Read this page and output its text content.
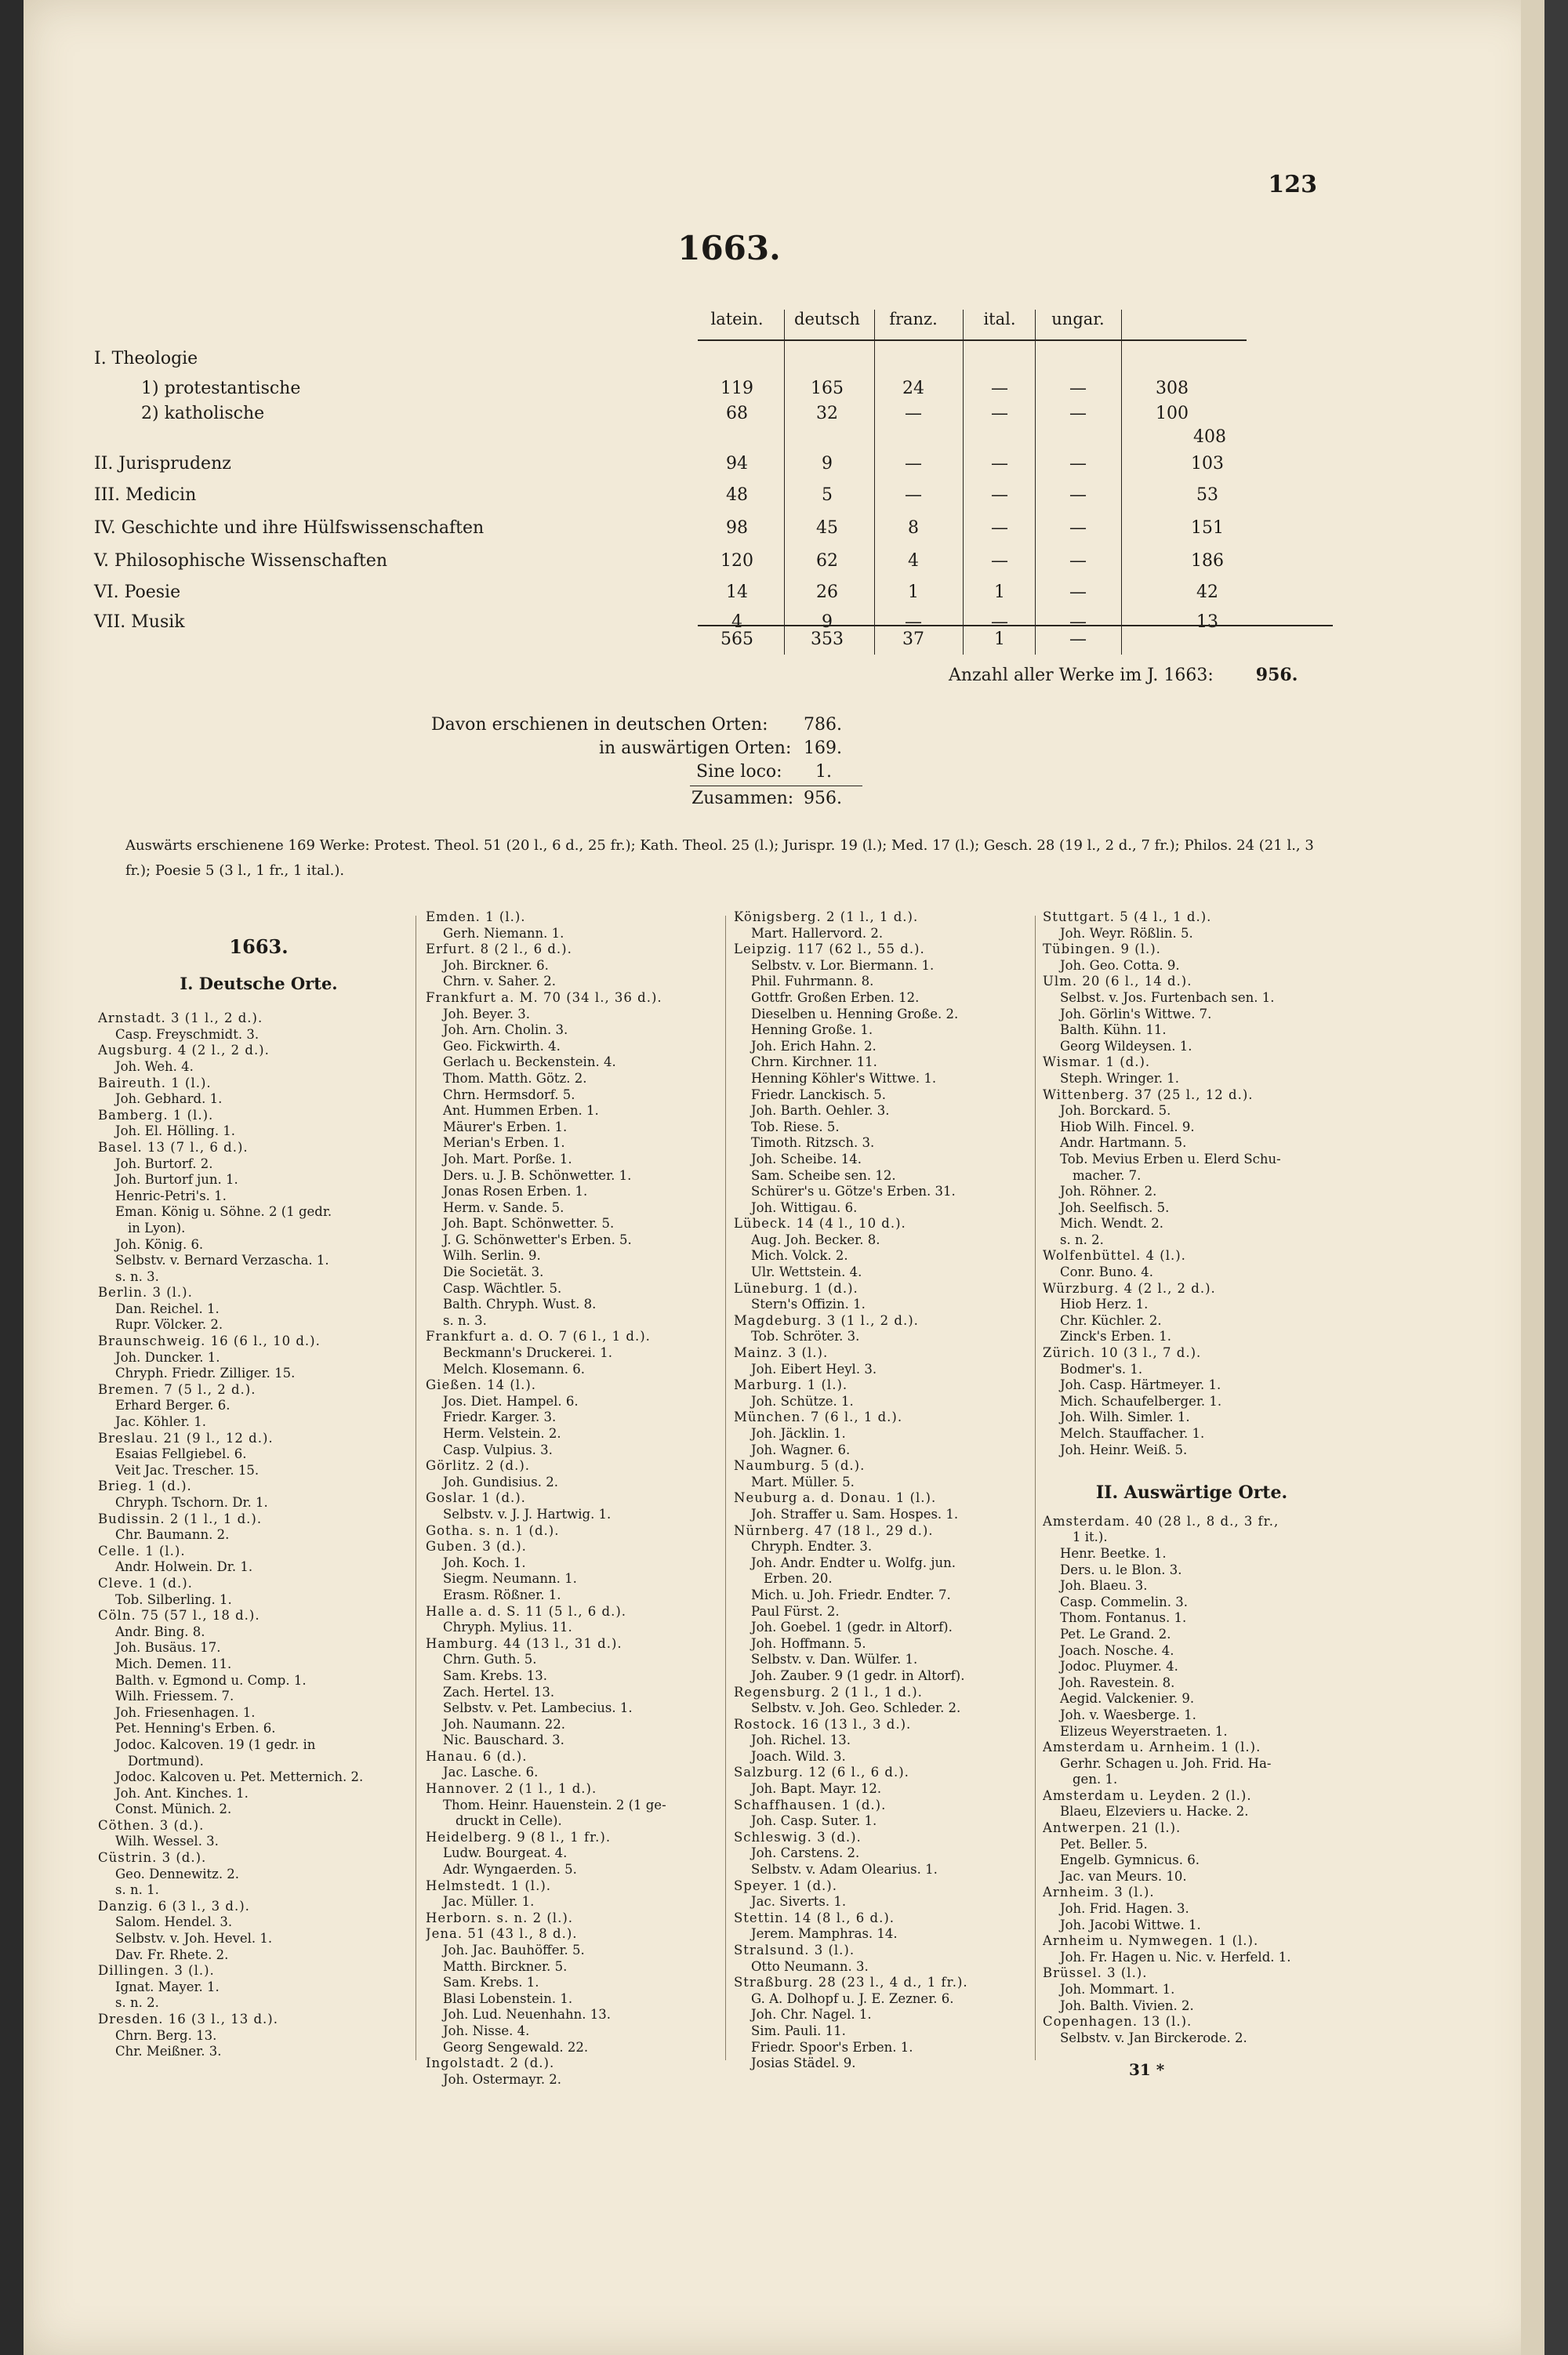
123
1663.
latein.	deutsch	franz.	ital.	ungar.
I. Theologie
1) protestantische	119	165	24	—	—	308
2) katholische	68	32	—	—	—	100
408
II. Jurisprudenz	94	9	—	—	—	103
III. Medicin	48	5	—	—	—	53
IV. Geschichte und ihre Hülfswissenschaften	98	45	8	—	—	151
V. Philosophische Wissenschaften	120	62	4	—	—	186
VI. Poesie	14	26	1	1	—	42
VII. Musik	4	9	—	—	—	13
565	353	37	1	—
Anzahl aller Werke im J. 1663: 956.
Davon erschienen in deutschen Orten: 786.
in auswärtigen Orten: 169.
Sine loco: 1.
Zusammen: 956.
Auswärts erschienene 169 Werke: Protest. Theol. 51 (20 l., 6 d., 25 fr.); Kath. Theol. 25 (l.); Jurispr. 19 (l.); Med. 17 (l.); Gesch. 28 (19 l., 2 d., 7 fr.); Philos. 24 (21 l., 3 fr.); Poesie 5 (3 l., 1 fr., 1 ital.).
1663.
I. Deutsche Orte.
Arnstadt. 3 (1 l., 2 d.).
Casp. Freyschmidt. 3.
Augsburg. 4 (2 l., 2 d.).
Joh. Weh. 4.
Baireuth. 1 (l.).
Joh. Gebhard. 1.
Bamberg. 1 (l.).
Joh. El. Hölling. 1.
Basel. 13 (7 l., 6 d.).
Joh. Burtorf. 2.
Joh. Burtorf jun. 1.
Henric-Petri's. 1.
Eman. König u. Söhne. 2 (1 gedr.
in Lyon).
Joh. König. 6.
Selbstv. v. Bernard Verzascha. 1.
s. n. 3.
Berlin. 3 (l.).
Dan. Reichel. 1.
Rupr. Völcker. 2.
Braunschweig. 16 (6 l., 10 d.).
Joh. Duncker. 1.
Chryph. Friedr. Zilliger. 15.
Bremen. 7 (5 l., 2 d.).
Erhard Berger. 6.
Jac. Köhler. 1.
Breslau. 21 (9 l., 12 d.).
Esaias Fellgiebel. 6.
Veit Jac. Trescher. 15.
Brieg. 1 (d.).
Chryph. Tschorn. Dr. 1.
Budissin. 2 (1 l., 1 d.).
Chr. Baumann. 2.
Celle. 1 (l.).
Andr. Holwein. Dr. 1.
Cleve. 1 (d.).
Tob. Silberling. 1.
Cöln. 75 (57 l., 18 d.).
Andr. Bing. 8.
Joh. Busäus. 17.
Mich. Demen. 11.
Balth. v. Egmond u. Comp. 1.
Wilh. Friessem. 7.
Joh. Friesenhagen. 1.
Pet. Henning's Erben. 6.
Jodoc. Kalcoven. 19 (1 gedr. in
Dortmund).
Jodoc. Kalcoven u. Pet. Metternich. 2.
Joh. Ant. Kinches. 1.
Const. Münich. 2.
Cöthen. 3 (d.).
Wilh. Wessel. 3.
Cüstrin. 3 (d.).
Geo. Dennewitz. 2.
s. n. 1.
Danzig. 6 (3 l., 3 d.).
Salom. Hendel. 3.
Selbstv. v. Joh. Hevel. 1.
Dav. Fr. Rhete. 2.
Dillingen. 3 (l.).
Ignat. Mayer. 1.
s. n. 2.
Dresden. 16 (3 l., 13 d.).
Chrn. Berg. 13.
Chr. Meißner. 3.
Emden. 1 (l.).
Gerh. Niemann. 1.
Erfurt. 8 (2 l., 6 d.).
Joh. Birckner. 6.
Chrn. v. Saher. 2.
Frankfurt a. M. 70 (34 l., 36 d.).
Joh. Beyer. 3.
Joh. Arn. Cholin. 3.
Geo. Fickwirth. 4.
Gerlach u. Beckenstein. 4.
Thom. Matth. Götz. 2.
Chrn. Hermsdorf. 5.
Ant. Hummen Erben. 1.
Mäurer's Erben. 1.
Merian's Erben. 1.
Joh. Mart. Porße. 1.
Ders. u. J. B. Schönwetter. 1.
Jonas Rosen Erben. 1.
Herm. v. Sande. 5.
Joh. Bapt. Schönwetter. 5.
J. G. Schönwetter's Erben. 5.
Wilh. Serlin. 9.
Die Societät. 3.
Casp. Wächtler. 5.
Balth. Chryph. Wust. 8.
s. n. 3.
Frankfurt a. d. O. 7 (6 l., 1 d.).
Beckmann's Druckerei. 1.
Melch. Klosemann. 6.
Gießen. 14 (l.).
Jos. Diet. Hampel. 6.
Friedr. Karger. 3.
Herm. Velstein. 2.
Casp. Vulpius. 3.
Görlitz. 2 (d.).
Joh. Gundisius. 2.
Goslar. 1 (d.).
Selbstv. v. J. J. Hartwig. 1.
Gotha. s. n. 1 (d.).
Guben. 3 (d.).
Joh. Koch. 1.
Siegm. Neumann. 1.
Erasm. Rößner. 1.
Halle a. d. S. 11 (5 l., 6 d.).
Chryph. Mylius. 11.
Hamburg. 44 (13 l., 31 d.).
Chrn. Guth. 5.
Sam. Krebs. 13.
Zach. Hertel. 13.
Selbstv. v. Pet. Lambecius. 1.
Joh. Naumann. 22.
Nic. Bauschard. 3.
Hanau. 6 (d.).
Jac. Lasche. 6.
Hannover. 2 (1 l., 1 d.).
Thom. Heinr. Hauenstein. 2 (1 ge-
druckt in Celle).
Heidelberg. 9 (8 l., 1 fr.).
Ludw. Bourgeat. 4.
Adr. Wyngaerden. 5.
Helmstedt. 1 (l.).
Jac. Müller. 1.
Herborn. s. n. 2 (l.).
Jena. 51 (43 l., 8 d.).
Joh. Jac. Bauhöffer. 5.
Matth. Birckner. 5.
Sam. Krebs. 1.
Blasi Lobenstein. 1.
Joh. Lud. Neuenhahn. 13.
Joh. Nisse. 4.
Georg Sengewald. 22.
Ingolstadt. 2 (d.).
Joh. Ostermayr. 2.
Königsberg. 2 (1 l., 1 d.).
Mart. Hallervord. 2.
Leipzig. 117 (62 l., 55 d.).
Selbstv. v. Lor. Biermann. 1.
Phil. Fuhrmann. 8.
Gottfr. Großen Erben. 12.
Dieselben u. Henning Große. 2.
Henning Große. 1.
Joh. Erich Hahn. 2.
Chrn. Kirchner. 11.
Henning Köhler's Wittwe. 1.
Friedr. Lanckisch. 5.
Joh. Barth. Oehler. 3.
Tob. Riese. 5.
Timoth. Ritzsch. 3.
Joh. Scheibe. 14.
Sam. Scheibe sen. 12.
Schürer's u. Götze's Erben. 31.
Joh. Wittigau. 6.
Lübeck. 14 (4 l., 10 d.).
Aug. Joh. Becker. 8.
Mich. Volck. 2.
Ulr. Wettstein. 4.
Lüneburg. 1 (d.).
Stern's Offizin. 1.
Magdeburg. 3 (1 l., 2 d.).
Tob. Schröter. 3.
Mainz. 3 (l.).
Joh. Eibert Heyl. 3.
Marburg. 1 (l.).
Joh. Schütze. 1.
München. 7 (6 l., 1 d.).
Joh. Jäcklin. 1.
Joh. Wagner. 6.
Naumburg. 5 (d.).
Mart. Müller. 5.
Neuburg a. d. Donau. 1 (l.).
Joh. Straffer u. Sam. Hospes. 1.
Nürnberg. 47 (18 l., 29 d.).
Chryph. Endter. 3.
Joh. Andr. Endter u. Wolfg. jun.
Erben. 20.
Mich. u. Joh. Friedr. Endter. 7.
Paul Fürst. 2.
Joh. Goebel. 1 (gedr. in Altorf).
Joh. Hoffmann. 5.
Selbstv. v. Dan. Wülfer. 1.
Joh. Zauber. 9 (1 gedr. in Altorf).
Regensburg. 2 (1 l., 1 d.).
Selbstv. v. Joh. Geo. Schleder. 2.
Rostock. 16 (13 l., 3 d.).
Joh. Richel. 13.
Joach. Wild. 3.
Salzburg. 12 (6 l., 6 d.).
Joh. Bapt. Mayr. 12.
Schaffhausen. 1 (d.).
Joh. Casp. Suter. 1.
Schleswig. 3 (d.).
Joh. Carstens. 2.
Selbstv. v. Adam Olearius. 1.
Speyer. 1 (d.).
Jac. Siverts. 1.
Stettin. 14 (8 l., 6 d.).
Jerem. Mamphras. 14.
Stralsund. 3 (l.).
Otto Neumann. 3.
Straßburg. 28 (23 l., 4 d., 1 fr.).
G. A. Dolhopf u. J. E. Zezner. 6.
Joh. Chr. Nagel. 1.
Sim. Pauli. 11.
Friedr. Spoor's Erben. 1.
Josias Städel. 9.
Stuttgart. 5 (4 l., 1 d.).
Joh. Weyr. Rößlin. 5.
Tübingen. 9 (l.).
Joh. Geo. Cotta. 9.
Ulm. 20 (6 l., 14 d.).
Selbst. v. Jos. Furtenbach sen. 1.
Joh. Görlin's Wittwe. 7.
Balth. Kühn. 11.
Georg Wildeysen. 1.
Wismar. 1 (d.).
Steph. Wringer. 1.
Wittenberg. 37 (25 l., 12 d.).
Joh. Borckard. 5.
Hiob Wilh. Fincel. 9.
Andr. Hartmann. 5.
Tob. Mevius Erben u. Elerd Schu-
macher. 7.
Joh. Röhner. 2.
Joh. Seelfisch. 5.
Mich. Wendt. 2.
s. n. 2.
Wolfenbüttel. 4 (l.).
Conr. Buno. 4.
Würzburg. 4 (2 l., 2 d.).
Hiob Herz. 1.
Chr. Küchler. 2.
Zinck's Erben. 1.
Zürich. 10 (3 l., 7 d.).
Bodmer's. 1.
Joh. Casp. Härtmeyer. 1.
Mich. Schaufelberger. 1.
Joh. Wilh. Simler. 1.
Melch. Stauffacher. 1.
Joh. Heinr. Weiß. 5.
II. Auswärtige Orte.
Amsterdam. 40 (28 l., 8 d., 3 fr.,
1 it.).
Henr. Beetke. 1.
Ders. u. le Blon. 3.
Joh. Blaeu. 3.
Casp. Commelin. 3.
Thom. Fontanus. 1.
Pet. Le Grand. 2.
Joach. Nosche. 4.
Jodoc. Pluymer. 4.
Joh. Ravestein. 8.
Aegid. Valckenier. 9.
Joh. v. Waesberge. 1.
Elizeus Weyerstraeten. 1.
Amsterdam u. Arnheim. 1 (l.).
Gerhr. Schagen u. Joh. Frid. Ha-
gen. 1.
Amsterdam u. Leyden. 2 (l.).
Blaeu, Elzeviers u. Hacke. 2.
Antwerpen. 21 (l.).
Pet. Beller. 5.
Engelb. Gymnicus. 6.
Jac. van Meurs. 10.
Arnheim. 3 (l.).
Joh. Frid. Hagen. 3.
Joh. Jacobi Wittwe. 1.
Arnheim u. Nymwegen. 1 (l.).
Joh. Fr. Hagen u. Nic. v. Herfeld. 1.
Brüssel. 3 (l.).
Joh. Mommart. 1.
Joh. Balth. Vivien. 2.
Copenhagen. 13 (l.).
Selbstv. v. Jan Birckerode. 2.
31 *
